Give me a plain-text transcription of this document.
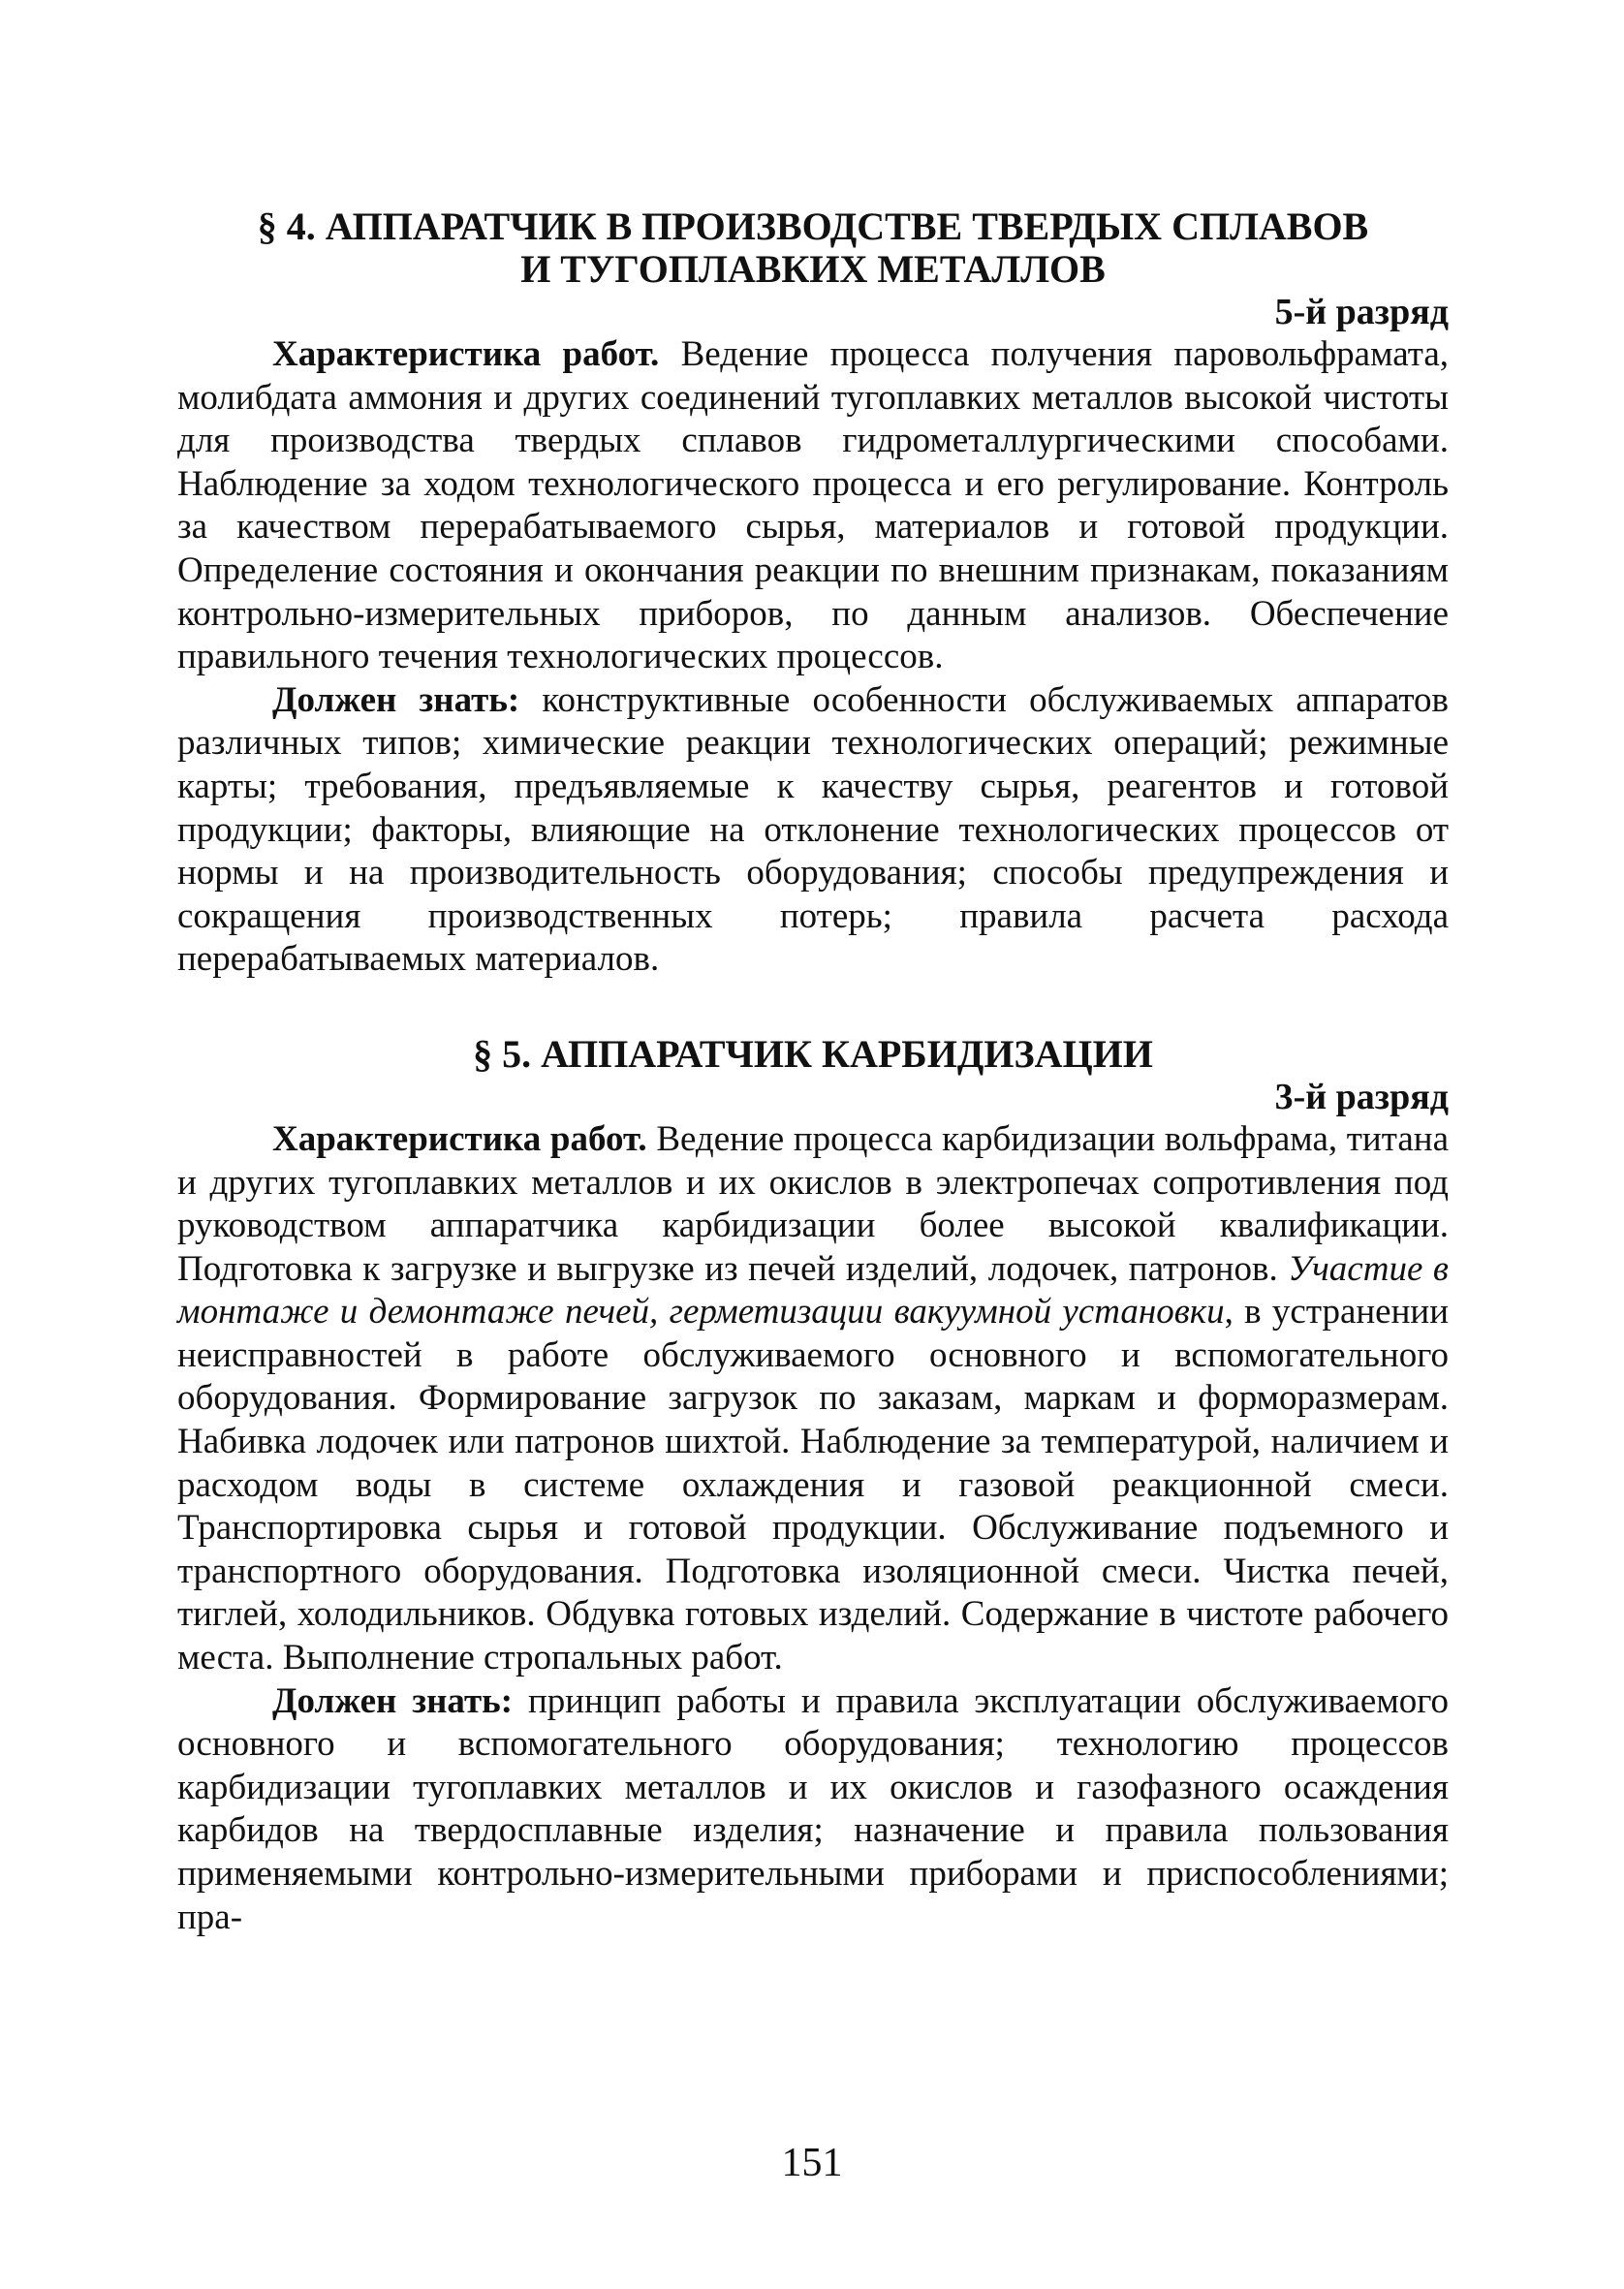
§ 4. АППАРАТЧИК В ПРОИЗВОДСТВЕ ТВЕРДЫХ СПЛАВОВ

И ТУГОПЛАВКИХ МЕТАЛЛОВ

5-й разряд

Характеристика работ. Ведение процесса получения паровольфрамата, молибдата аммония и других соединений тугоплавких металлов высокой чистоты для производства твердых сплавов гидрометаллургическими способами. Наблюдение за ходом технологического процесса и его регулирование. Контроль за качеством перерабатываемого сырья, материалов и готовой продукции. Определение состояния и окончания реакции по внешним признакам, показаниям контрольно-измерительных приборов, по данным анализов. Обеспечение правильного течения технологических процессов.

Должен знать: конструктивные особенности обслуживаемых аппаратов различных типов; химические реакции технологических операций; режимные карты; требования, предъявляемые к качеству сырья, реагентов и готовой продукции; факторы, влияющие на отклонение технологических процессов от нормы и на производительность оборудования; способы предупреждения и сокращения производственных потерь; правила расчета расхода перерабатываемых материалов.

§ 5. АППАРАТЧИК КАРБИДИЗАЦИИ

3-й разряд

Характеристика работ. Ведение процесса карбидизации вольфрама, титана и других тугоплавких металлов и их окислов в электропечах сопротивления под руководством аппаратчика карбидизации более высокой квалификации. Подготовка к загрузке и выгрузке из печей изделий, лодочек, патронов. Участие в монтаже и демонтаже печей, герметизации вакуумной установки, в устранении неисправностей в работе обслуживаемого основного и вспомогательного оборудования. Формирование загрузок по заказам, маркам и форморазмерам. Набивка лодочек или патронов шихтой. Наблюдение за температурой, наличием и расходом воды в системе охлаждения и газовой реакционной смеси. Транспортировка сырья и готовой продукции. Обслуживание подъемного и транспортного оборудования. Подготовка изоляционной смеси. Чистка печей, тиглей, холодильников. Обдувка готовых изделий. Содержание в чистоте рабочего места. Выполнение стропальных работ.

Должен знать: принцип работы и правила эксплуатации обслуживаемого основного и вспомогательного оборудования; технологию процессов карбидизации тугоплавких металлов и их окислов и газофазного осаждения карбидов на твердосплавные изделия; назначение и правила пользования применяемыми контрольно-измерительными приборами и приспособлениями; пра-

151
